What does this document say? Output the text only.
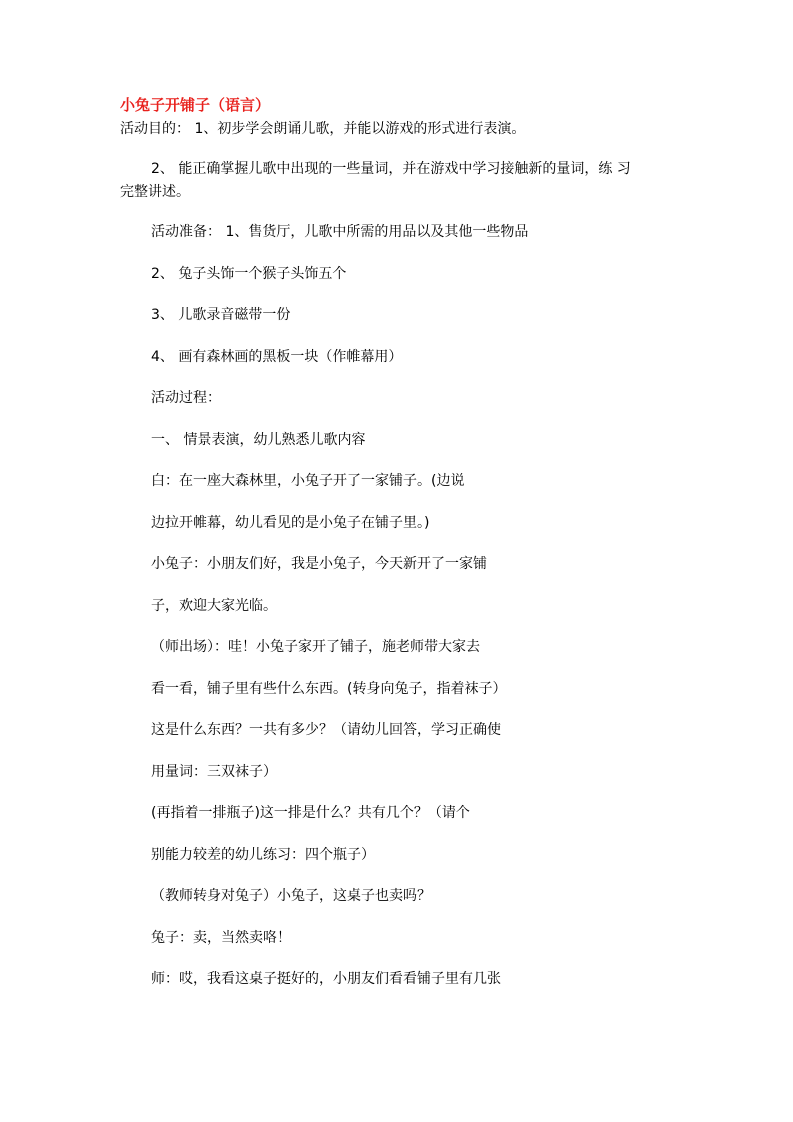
小兔子开铺子（语言）
活动目的： 1、初步学会朗诵儿歌，并能以游戏的形式进行表演。
2、 能正确掌握儿歌中出现的一些量词，并在游戏中学习接触新的量词，练 习
完整讲述。
活动准备： 1、售货厅，儿歌中所需的用品以及其他一些物品
2、 兔子头饰一个猴子头饰五个
3、 儿歌录音磁带一份
4、 画有森林画的黑板一块（作帷幕用）
活动过程：
一、 情景表演，幼儿熟悉儿歌内容
白：在一座大森林里，小兔子开了一家铺子。(边说
边拉开帷幕，幼儿看见的是小兔子在铺子里。)
小兔子：小朋友们好，我是小兔子，今天新开了一家铺
子，欢迎大家光临。
（师出场）：哇！小兔子家开了铺子，施老师带大家去
看一看，铺子里有些什么东西。(转身向兔子，指着袜子）
这是什么东西？一共有多少？（请幼儿回答，学习正确使
用量词：三双袜子）
(再指着一排瓶子)这一排是什么？共有几个？（请个
别能力较差的幼儿练习：四个瓶子）
（教师转身对兔子）小兔子，这桌子也卖吗？
兔子：卖，当然卖咯！
师：哎，我看这桌子挺好的，小朋友们看看铺子里有几张
